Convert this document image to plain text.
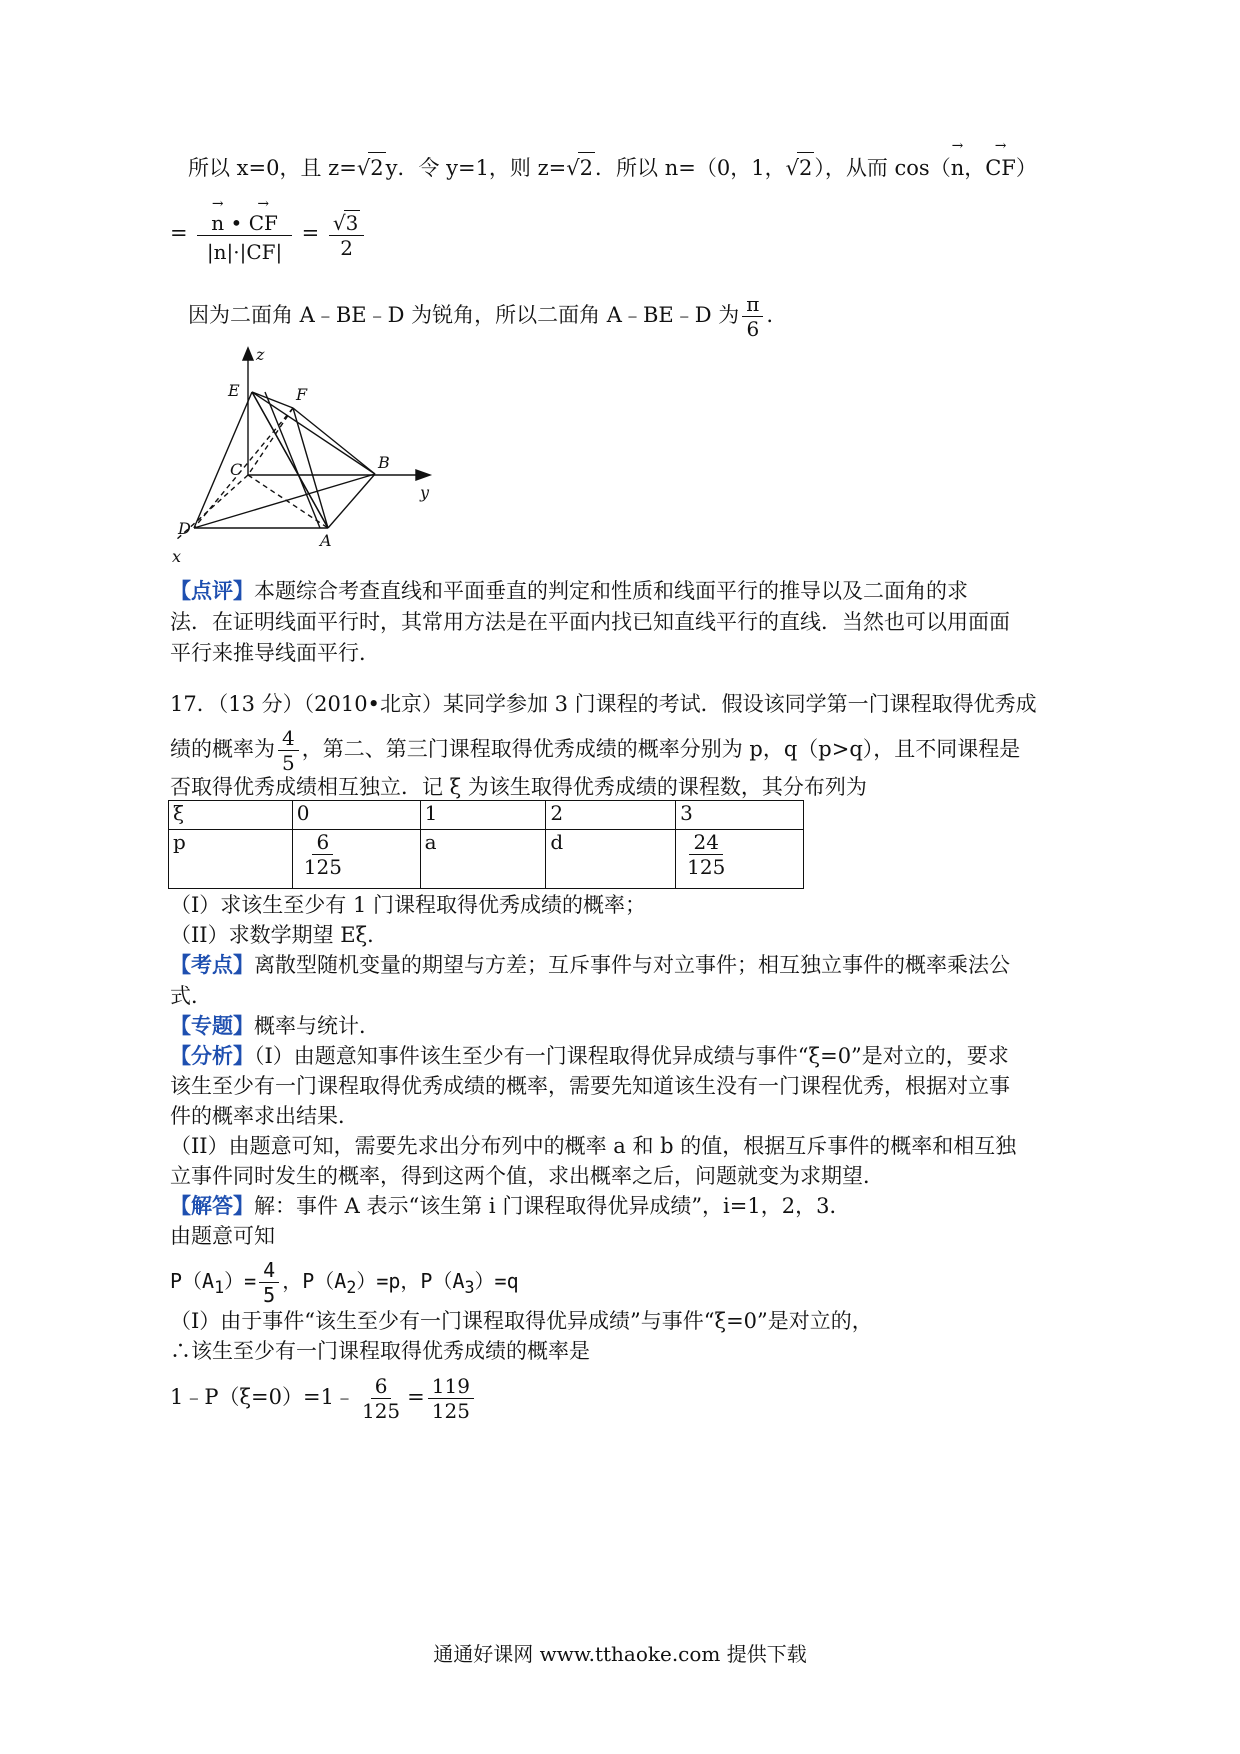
所以 x=0，且 z=√2y．令 y=1，则 z=√2．所以 n=（0，1，√2），从而 cos（→ n，→ CF）
= → $\frac{n • \to CF}{|n|\cdot|CF|} = \frac{√3}{2}$
因为二面角 A﹣BE﹣D 为锐角，所以二面角 A﹣BE﹣D 为 $\frac{\pi}{6}$ .
z
E	F
C	B
y
D
A
x
【点评】本题综合考查直线和平面垂直的判定和性质和线面平行的推导以及二面角的求
法．在证明线面平行时，其常用方法是在平面内找已知直线平行的直线．当然也可以用面面
平行来推导线面平行．
17．（13 分）（2010•北京）某同学参加 3 门课程的考试．假设该同学第一门课程取得优秀成
绩的概率为 $\frac{4}{5}$ ，第二、第三门课程取得优秀成绩的概率分别为 p，q（p>q），且不同课程是
否取得优秀成绩相互独立．记 ξ 为该生取得优秀成绩的课程数，其分布列为
ξ	0	1	2	3
p	$\frac{6}{125}$	a	d	$\frac{24}{125}$
（I）求该生至少有 1 门课程取得优秀成绩的概率；
（II）求数学期望 Eξ．
【考点】离散型随机变量的期望与方差；互斥事件与对立事件；相互独立事件的概率乘法公
式．
【专题】概率与统计．
【分析】（I）由题意知事件该生至少有一门课程取得优异成绩与事件“ξ=0”是对立的，要求
该生至少有一门课程取得优秀成绩的概率，需要先知道该生没有一门课程优秀，根据对立事
件的概率求出结果．
（II）由题意可知，需要先求出分布列中的概率 a 和 b 的值，根据互斥事件的概率和相互独
立事件同时发生的概率，得到这两个值，求出概率之后，问题就变为求期望．
【解答】解：事件 A 表示“该生第 i 门课程取得优异成绩”，i=1，2，3．
由题意可知
$P(A_1)= \frac{4}{5}$ ，$P(A_2)=p$，$P(A_3)=q$
（I）由于事件“该生至少有一门课程取得优异成绩”与事件“ξ=0”是对立的，
∴该生至少有一门课程取得优秀成绩的概率是
1﹣P（ξ=0）=1﹣ $\frac{6}{125} = \frac{119}{125}$
通通好课网 www.tthaoke.com 提供下载
